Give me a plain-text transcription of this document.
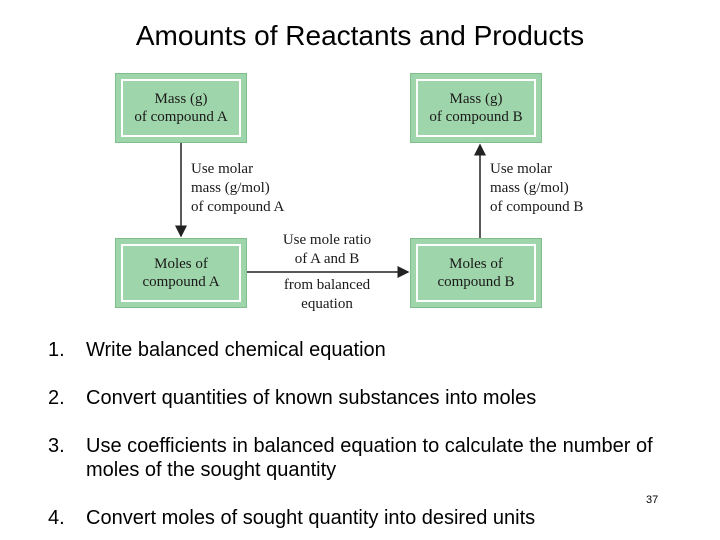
Amounts of Reactants and Products
Mass (g)
of compound A
Mass (g)
of compound B
Moles of
compound A
Moles of
compound B
Use molar
mass (g/mol)
of compound A
Use molar
mass (g/mol)
of compound B
Use mole ratio
of A and B
from balanced
equation
1. Write balanced chemical equation
2. Convert quantities of known substances into moles
3. Use coefficients in balanced equation to calculate the number of moles of the sought quantity
4. Convert moles of sought quantity into desired units
37
